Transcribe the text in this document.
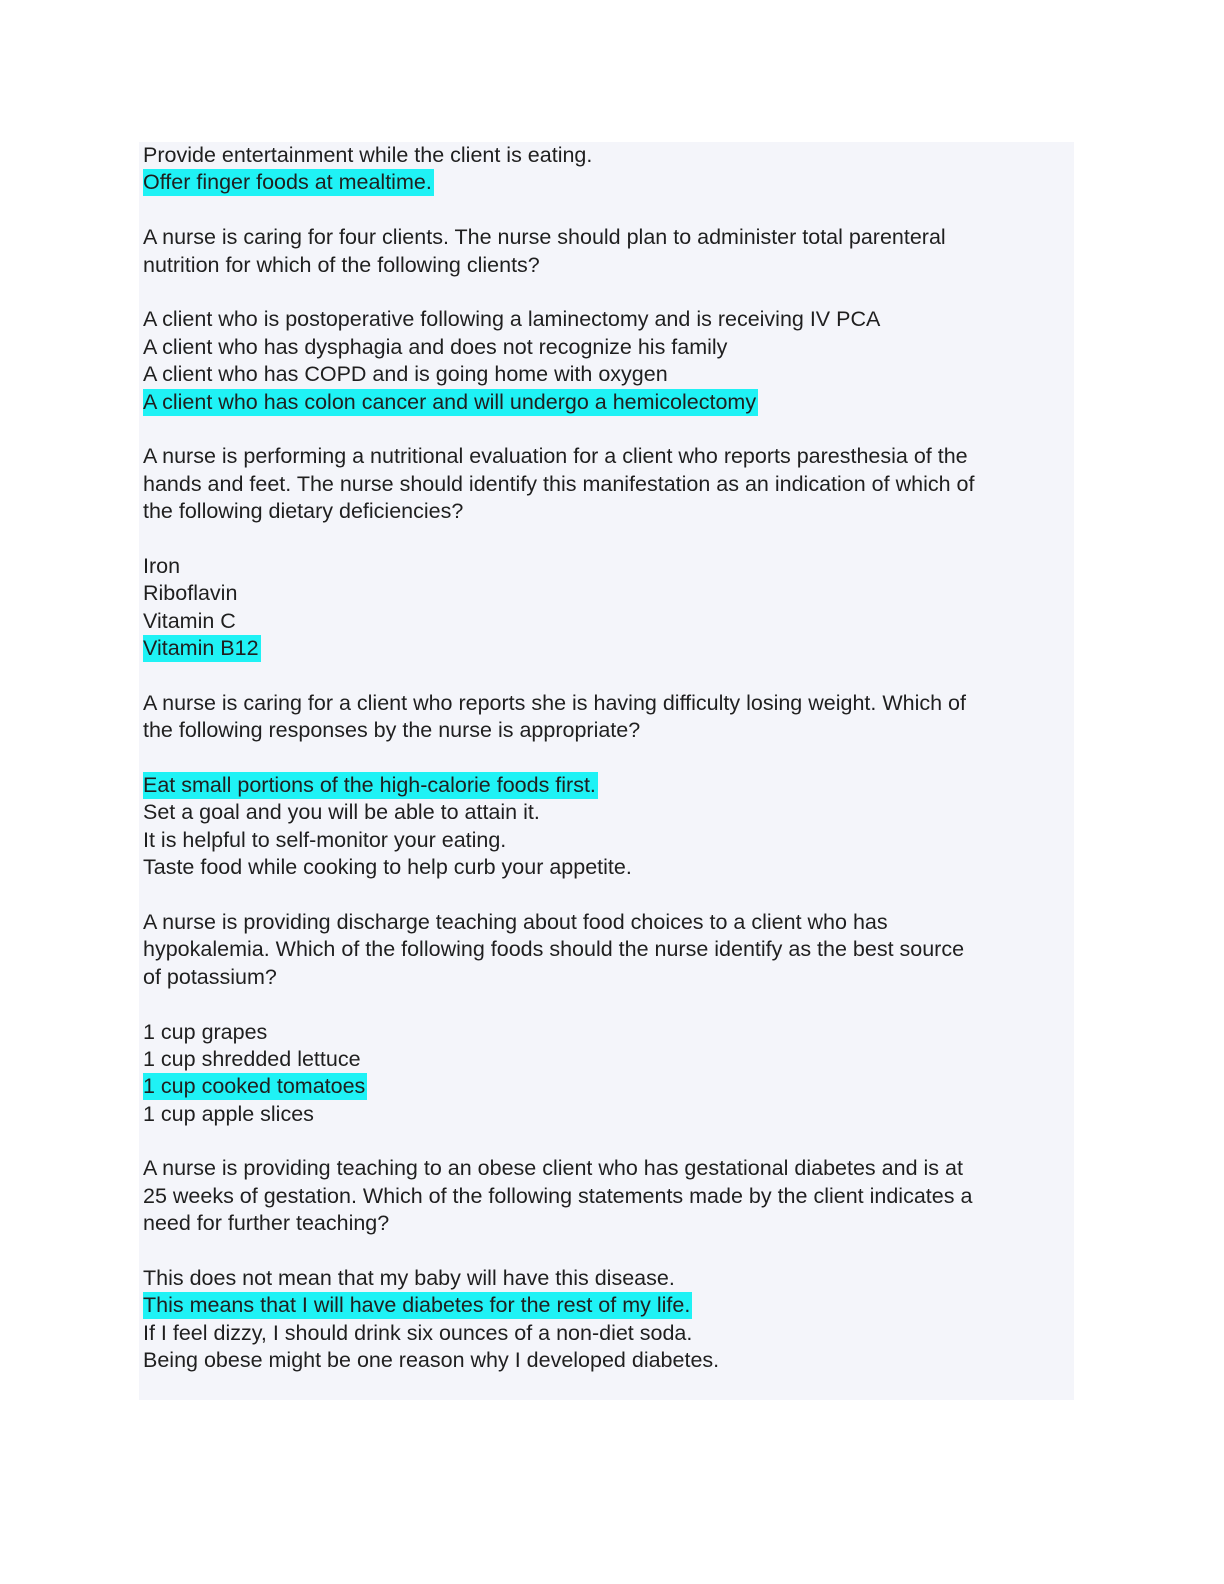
Provide entertainment while the client is eating.
Offer finger foods at mealtime.
A nurse is caring for four clients. The nurse should plan to administer total parenteral
nutrition for which of the following clients?
A client who is postoperative following a laminectomy and is receiving IV PCA
A client who has dysphagia and does not recognize his family
A client who has COPD and is going home with oxygen
A client who has colon cancer and will undergo a hemicolectomy
A nurse is performing a nutritional evaluation for a client who reports paresthesia of the
hands and feet. The nurse should identify this manifestation as an indication of which of
the following dietary deficiencies?
Iron
Riboflavin
Vitamin C
Vitamin B12
A nurse is caring for a client who reports she is having difficulty losing weight. Which of
the following responses by the nurse is appropriate?
Eat small portions of the high-calorie foods first.
Set a goal and you will be able to attain it.
It is helpful to self-monitor your eating.
Taste food while cooking to help curb your appetite.
A nurse is providing discharge teaching about food choices to a client who has
hypokalemia. Which of the following foods should the nurse identify as the best source
of potassium?
1 cup grapes
1 cup shredded lettuce
1 cup cooked tomatoes
1 cup apple slices
A nurse is providing teaching to an obese client who has gestational diabetes and is at
25 weeks of gestation. Which of the following statements made by the client indicates a
need for further teaching?
This does not mean that my baby will have this disease.
This means that I will have diabetes for the rest of my life.
If I feel dizzy, I should drink six ounces of a non-diet soda.
Being obese might be one reason why I developed diabetes.
